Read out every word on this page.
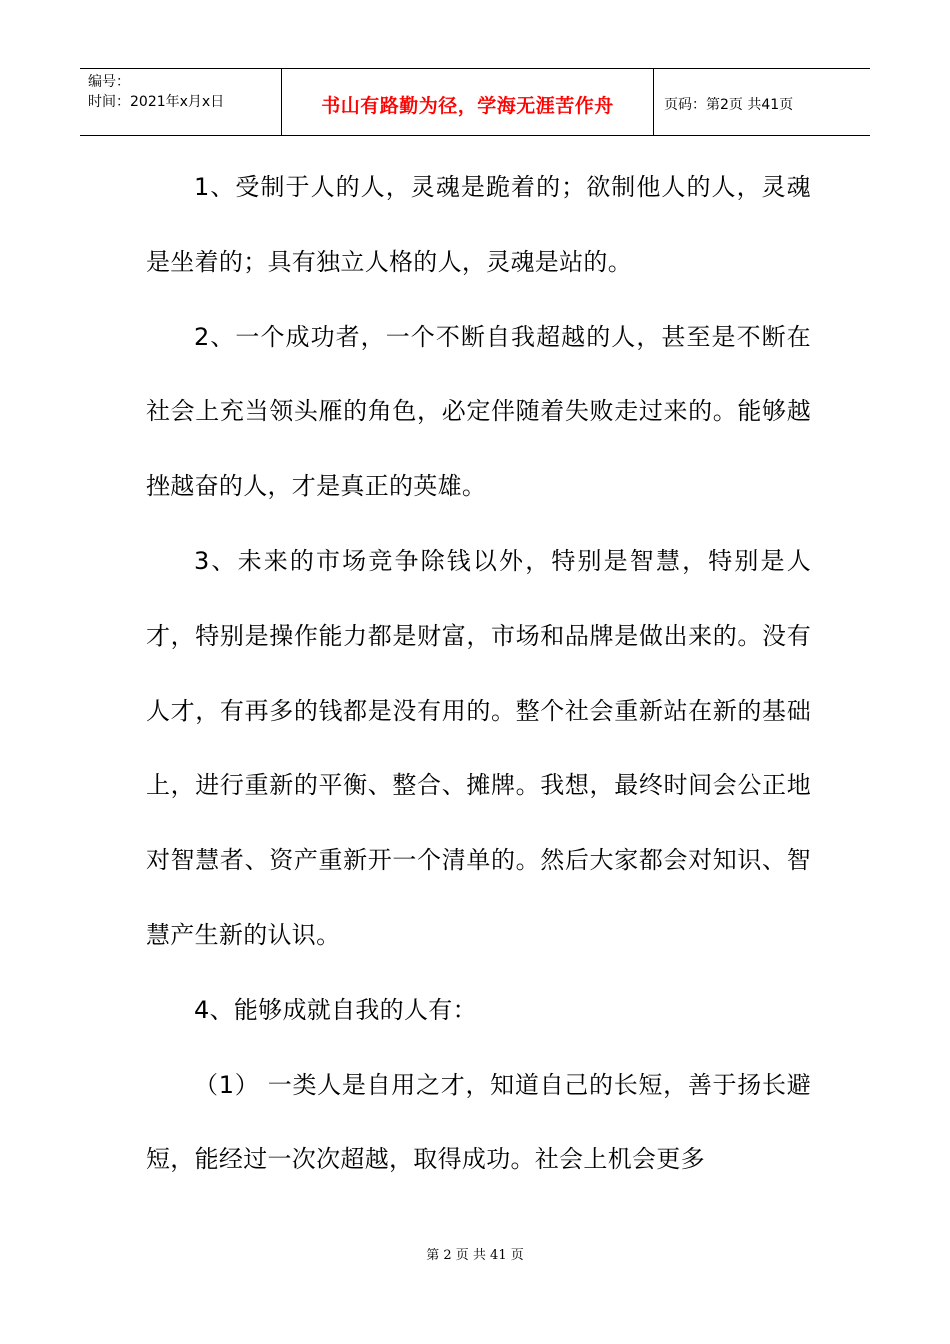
编号：
时间：2021年x月x日	书山有路勤为径，学海无涯苦作舟	页码：第2页 共41页

1、受制于人的人，灵魂是跪着的；欲制他人的人，灵魂是坐着的；具有独立人格的人，灵魂是站的。

2、一个成功者，一个不断自我超越的人，甚至是不断在社会上充当领头雁的角色，必定伴随着失败走过来的。能够越挫越奋的人，才是真正的英雄。

3、未来的市场竞争除钱以外，特别是智慧，特别是人才，特别是操作能力都是财富，市场和品牌是做出来的。没有人才，有再多的钱都是没有用的。整个社会重新站在新的基础上，进行重新的平衡、整合、摊牌。我想，最终时间会公正地对智慧者、资产重新开一个清单的。然后大家都会对知识、智慧产生新的认识。

4、能够成就自我的人有：

（1） 一类人是自用之才，知道自己的长短，善于扬长避短，能经过一次次超越，取得成功。社会上机会更多

第 2 页 共 41 页
